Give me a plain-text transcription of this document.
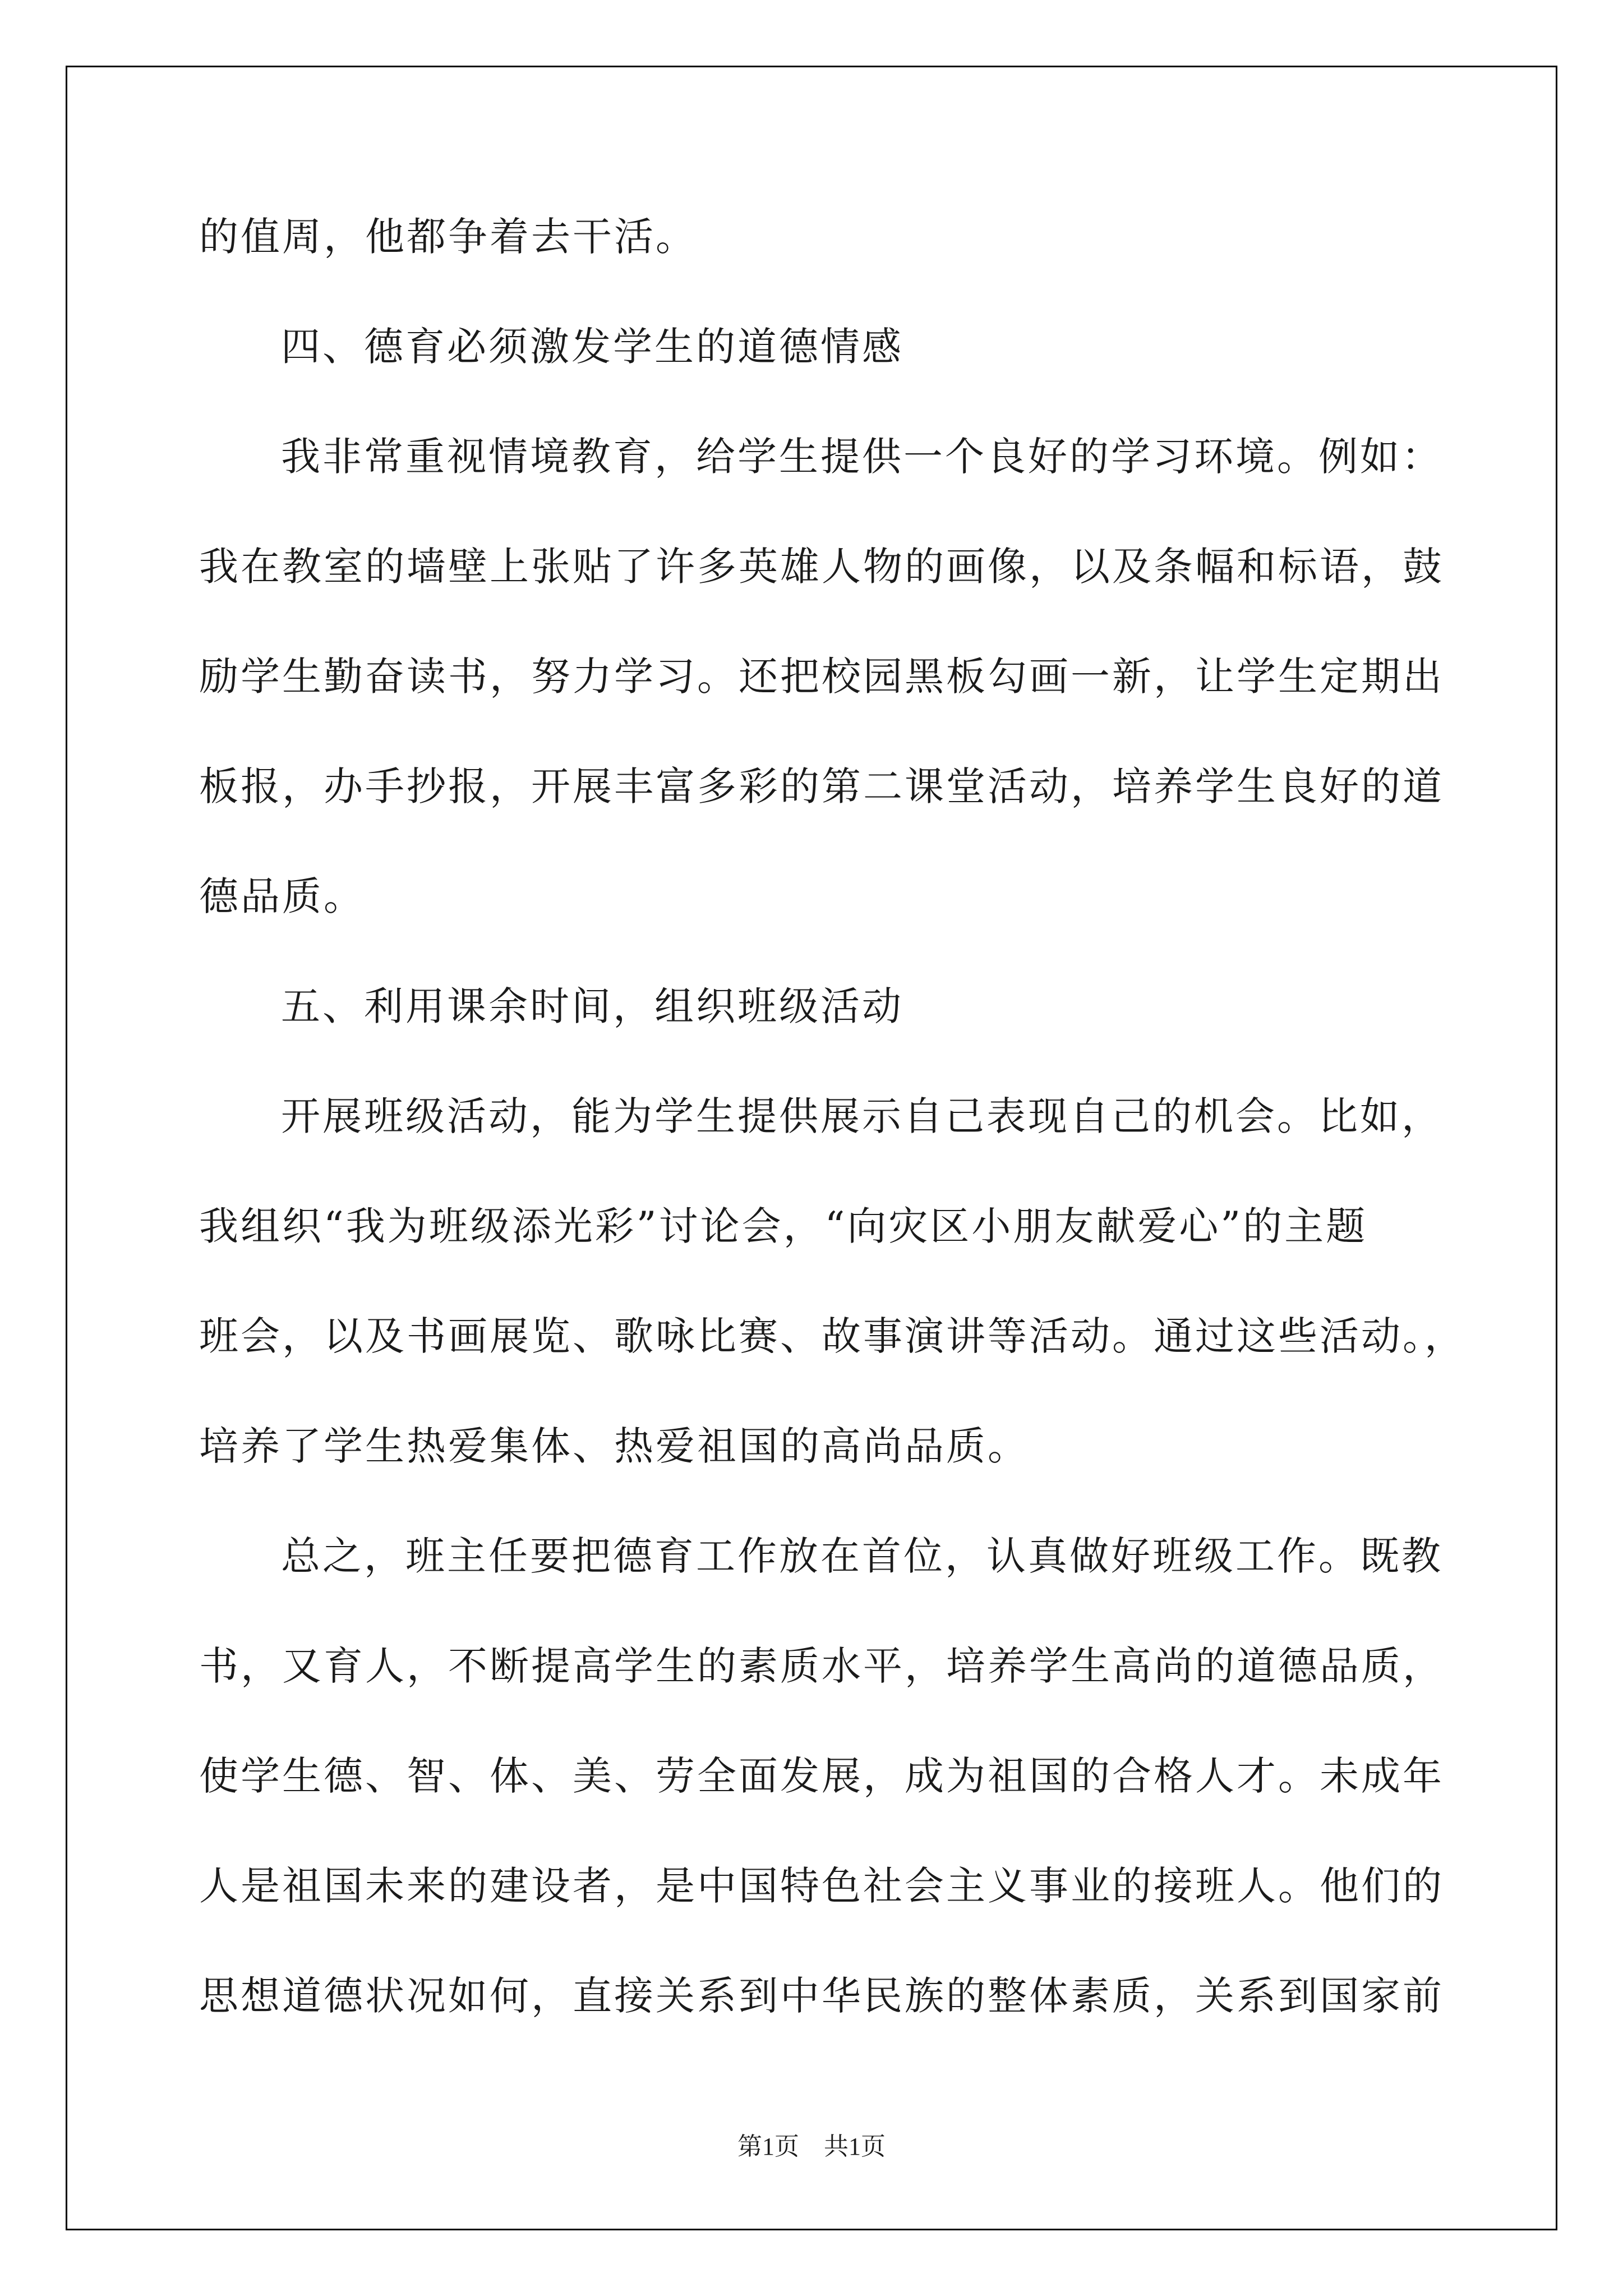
的值周，他都争着去干活。
四、德育必须激发学生的道德情感
我非常重视情境教育，给学生提供一个良好的学习环境。例如：
我在教室的墙壁上张贴了许多英雄人物的画像，以及条幅和标语，鼓
励学生勤奋读书，努力学习。还把校园黑板勾画一新，让学生定期出
板报，办手抄报，开展丰富多彩的第二课堂活动，培养学生良好的道
德品质。
五、利用课余时间，组织班级活动
开展班级活动，能为学生提供展示自己表现自己的机会。比如，
我组织“我为班级添光彩”讨论会，“向灾区小朋友献爱心”的主题
班会，以及书画展览、歌咏比赛、故事演讲等活动。通过这些活动。，
培养了学生热爱集体、热爱祖国的高尚品质。
总之，班主任要把德育工作放在首位，认真做好班级工作。既教
书，又育人，不断提高学生的素质水平，培养学生高尚的道德品质，
使学生德、智、体、美、劳全面发展，成为祖国的合格人才。未成年
人是祖国未来的建设者，是中国特色社会主义事业的接班人。他们的
思想道德状况如何，直接关系到中华民族的整体素质，关系到国家前
第1页　共1页
